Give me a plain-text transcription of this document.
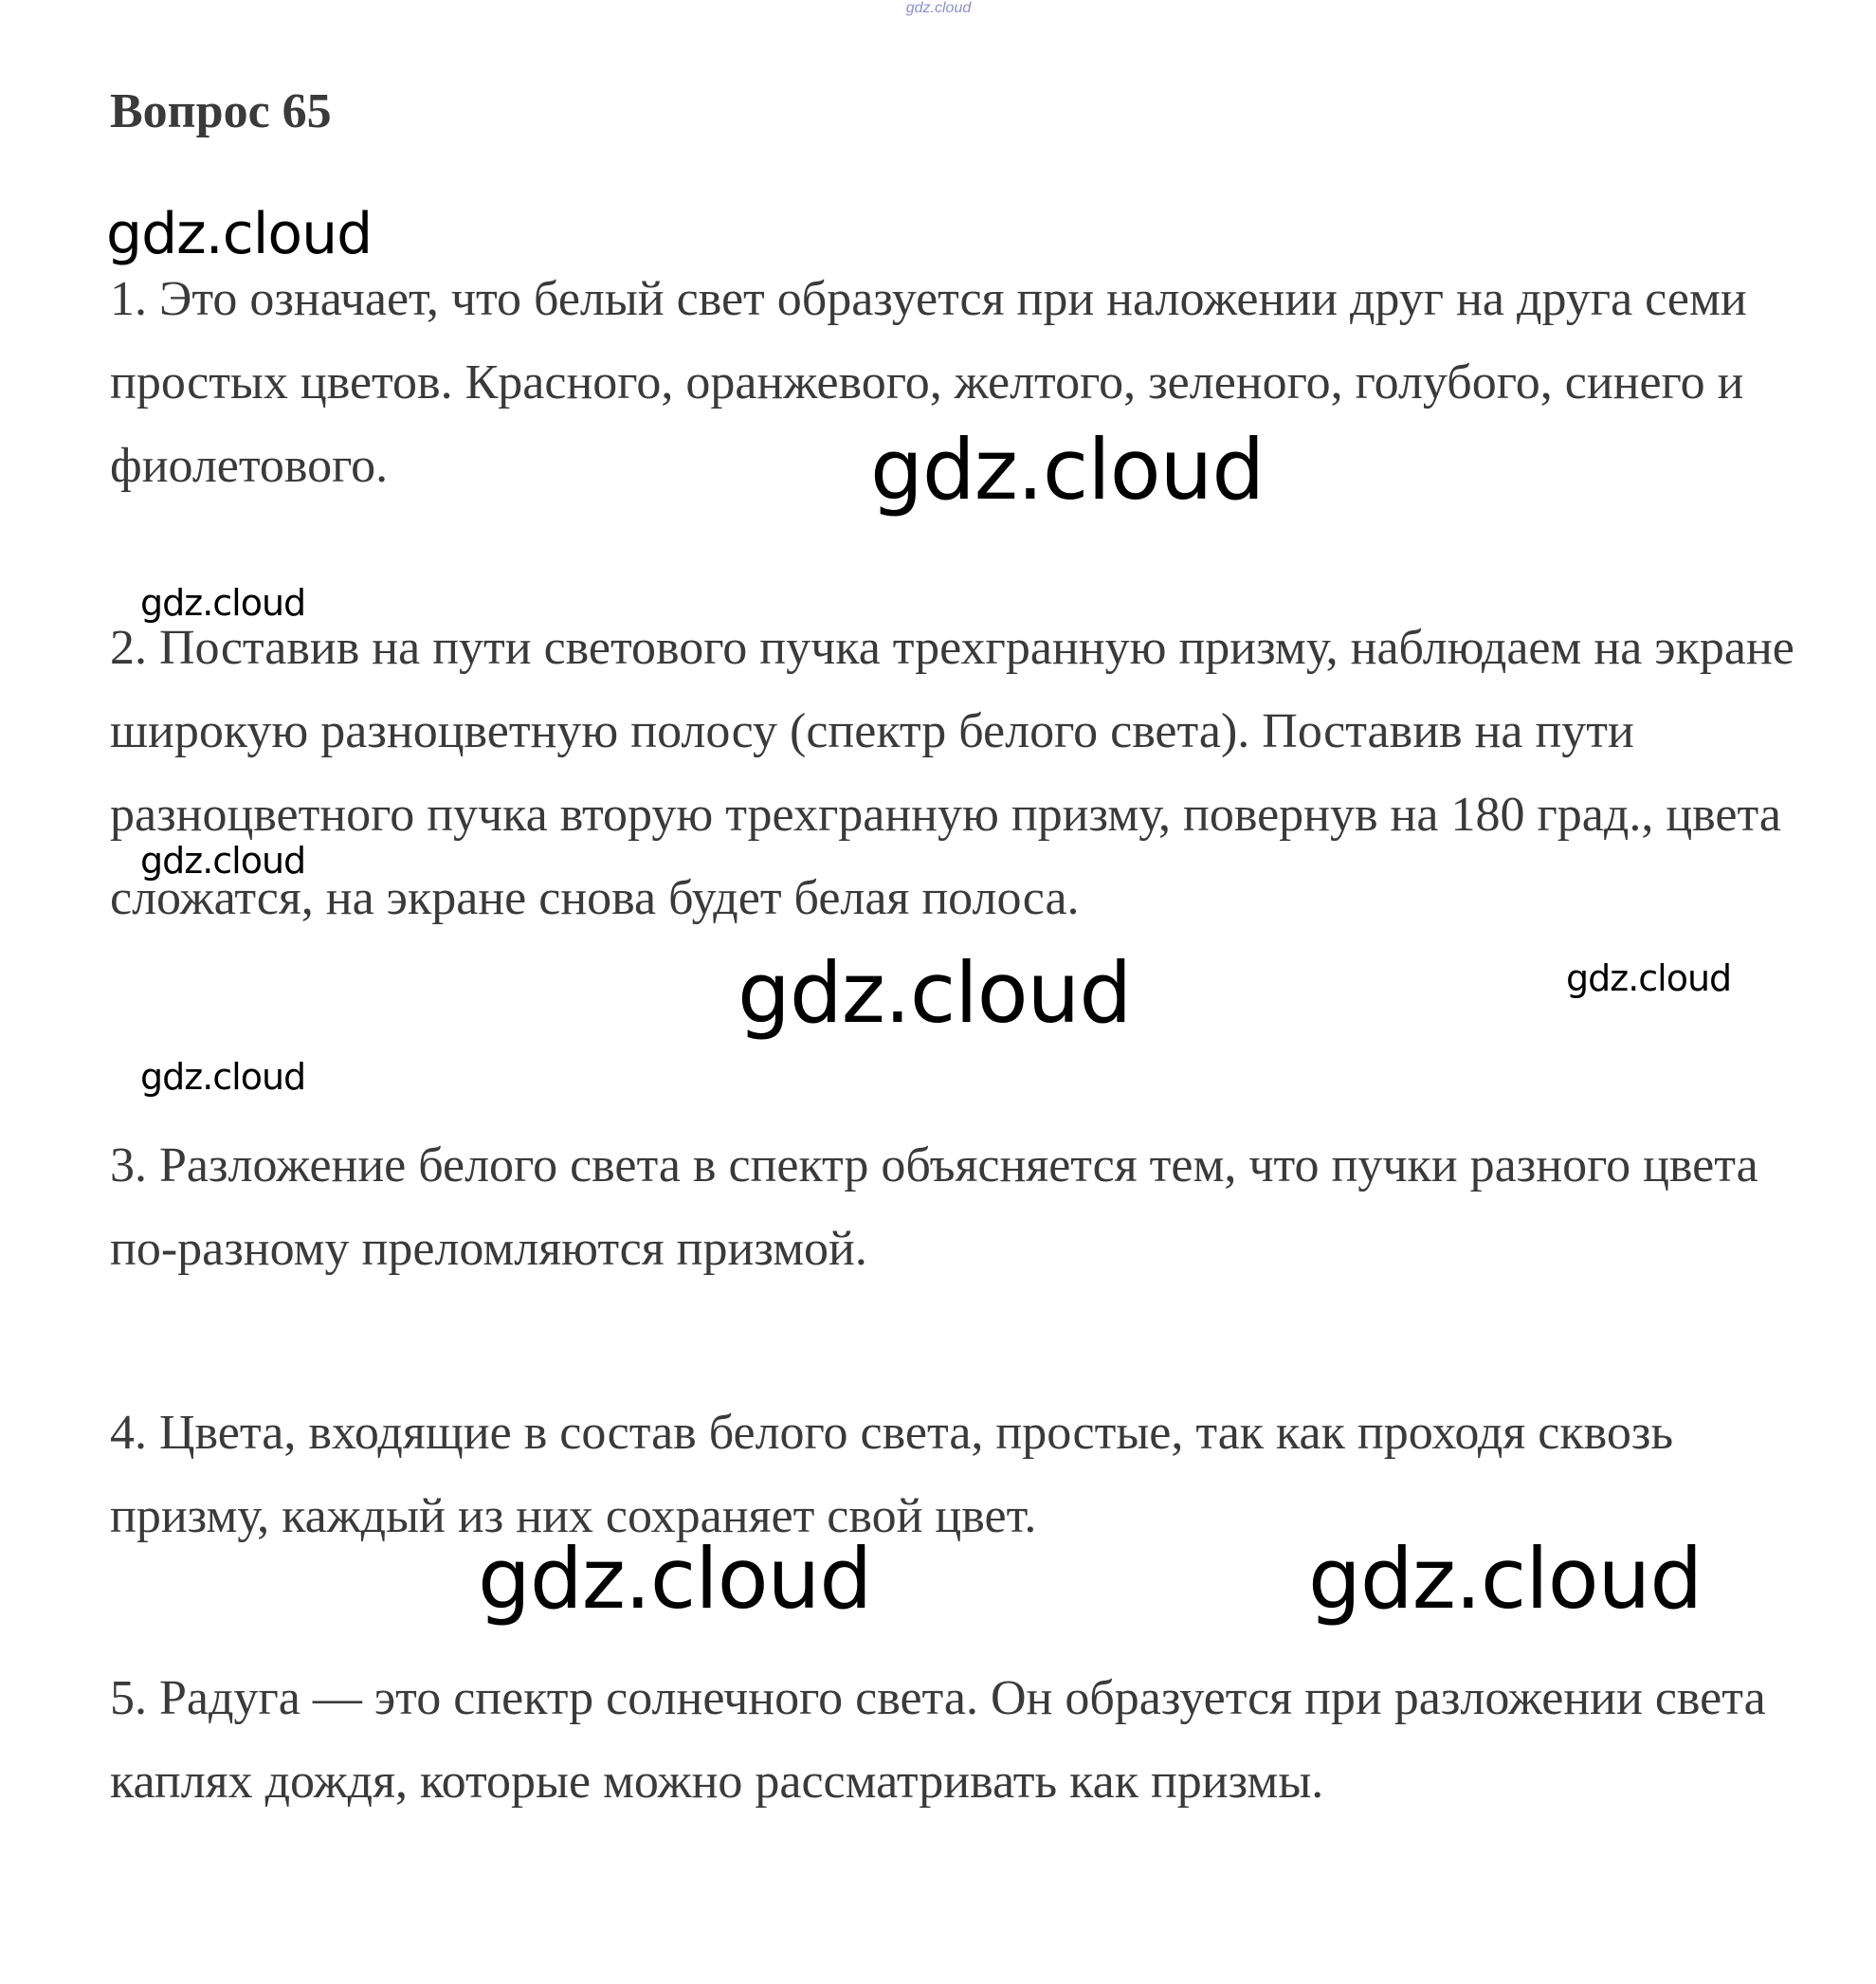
gdz.cloud
Вопрос 65
gdz.cloud
gdz.cloud
gdz.cloud
gdz.cloud
gdz.cloud	gdz.cloud
gdz.cloud
gdz.cloud	gdz.cloud

1. Это означает, что белый свет образуется при наложении друг на друга семи простых цветов. Красного, оранжевого, желтого, зеленого, голубого, синего и фиолетового.

2. Поставив на пути светового пучка трехгранную призму, наблюдаем на экране широкую разноцветную полосу (спектр белого света). Поставив на пути разноцветного пучка вторую трехгранную призму, повернув на 180 град., цвета сложатся, на экране снова будет белая полоса.

3. Разложение белого света в спектр объясняется тем, что пучки разного цвета по-разному преломляются призмой.

4. Цвета, входящие в состав белого света, простые, так как проходя сквозь призму, каждый из них сохраняет свой цвет.

5. Радуга — это спектр солнечного света. Он образуется при разложении света каплях дождя, которые можно рассматривать как призмы.
